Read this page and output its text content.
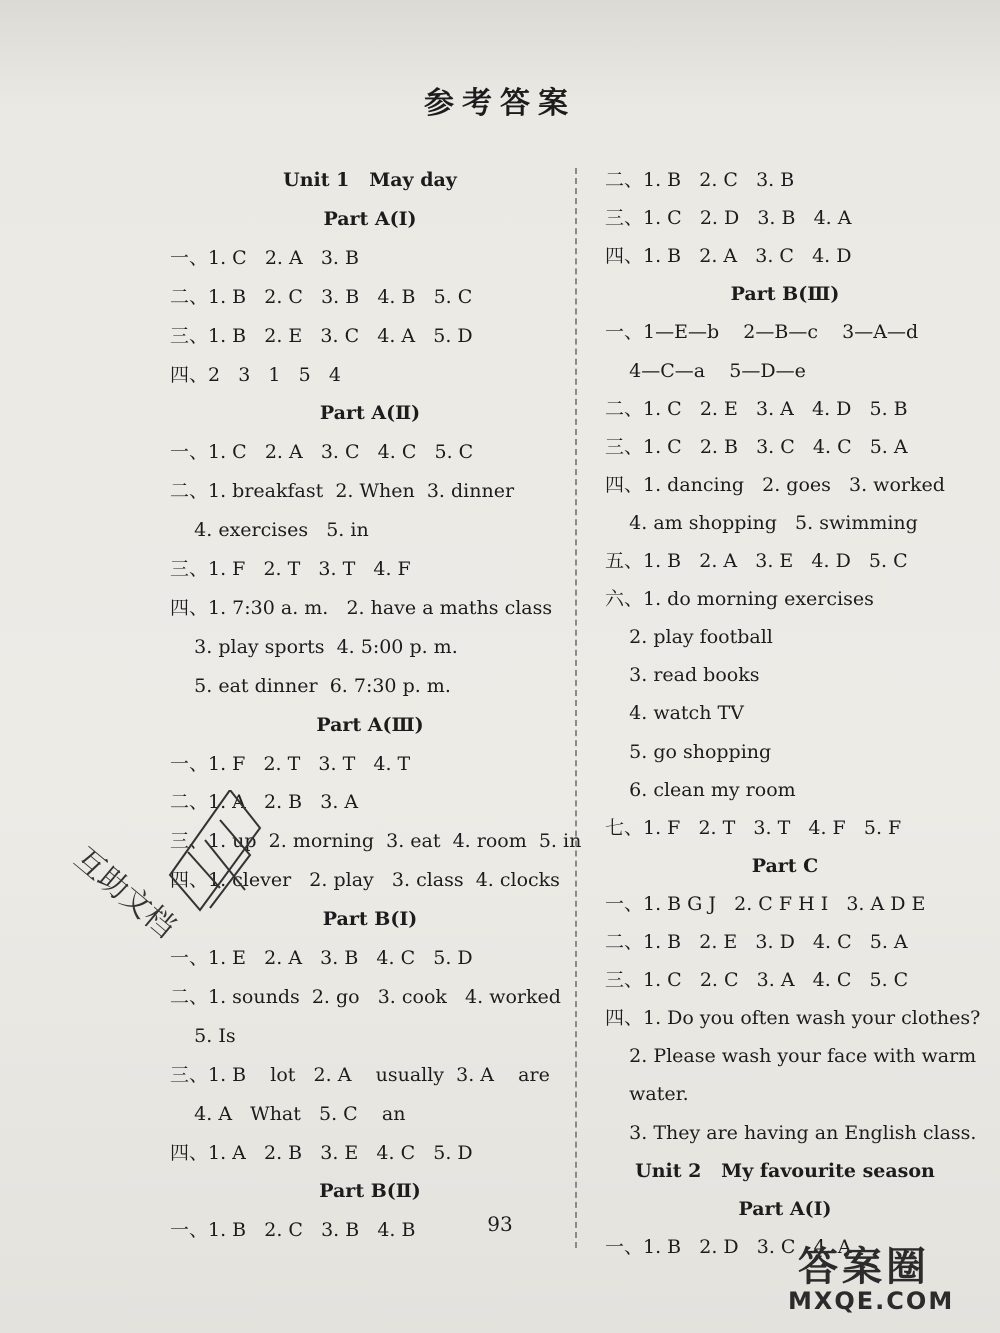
参考答案
Unit 1   May day
Part A(Ⅰ)
一、1. C   2. A   3. B
二、1. B   2. C   3. B   4. B   5. C
三、1. B   2. E   3. C   4. A   5. D
四、2   3   1   5   4
Part A(Ⅱ)
一、1. C   2. A   3. C   4. C   5. C
二、1. breakfast  2. When  3. dinner
4. exercises   5. in
三、1. F   2. T   3. T   4. F
四、1. 7:30 a. m.   2. have a maths class
3. play sports  4. 5:00 p. m.
5. eat dinner  6. 7:30 p. m.
Part A(Ⅲ)
一、1. F   2. T   3. T   4. T
二、1. A   2. B   3. A
三、1. up  2. morning  3. eat  4. room  5. in
四、1. clever   2. play   3. class  4. clocks
Part B(Ⅰ)
一、1. E   2. A   3. B   4. C   5. D
二、1. sounds  2. go   3. cook   4. worked
5. Is
三、1. B    lot   2. A    usually  3. A    are
4. A   What   5. C    an
四、1. A   2. B   3. E   4. C   5. D
Part B(Ⅱ)
一、1. B   2. C   3. B   4. B
二、1. B   2. C   3. B
三、1. C   2. D   3. B   4. A
四、1. B   2. A   3. C   4. D
Part B(Ⅲ)
一、1—E—b    2—B—c    3—A—d
4—C—a    5—D—e
二、1. C   2. E   3. A   4. D   5. B
三、1. C   2. B   3. C   4. C   5. A
四、1. dancing   2. goes   3. worked
4. am shopping   5. swimming
五、1. B   2. A   3. E   4. D   5. C
六、1. do morning exercises
2. play football
3. read books
4. watch TV
5. go shopping
6. clean my room
七、1. F   2. T   3. T   4. F   5. F
Part C
一、1. B G J   2. C F H I   3. A D E
二、1. B   2. E   3. D   4. C   5. A
三、1. C   2. C   3. A   4. C   5. C
四、1. Do you often wash your clothes?
2. Please wash your face with warm
water.
3. They are having an English class.
Unit 2   My favourite season
Part A(Ⅰ)
一、1. B   2. D   3. C   4. A
互助文档
93
答案圈
MXQE.COM
